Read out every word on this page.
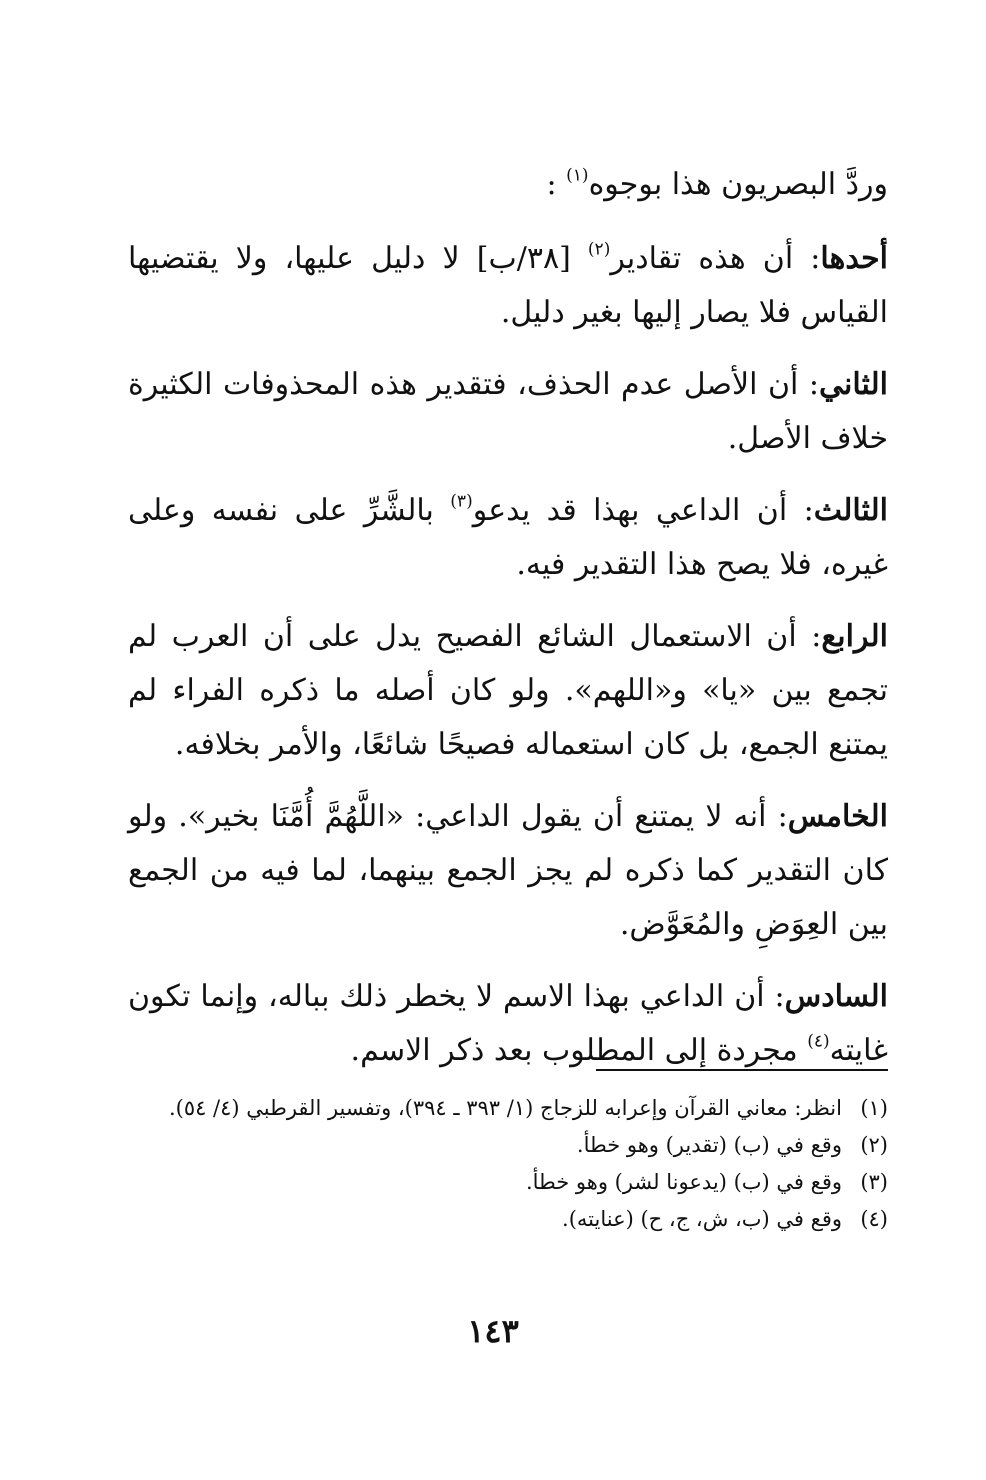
وردَّ البصريون هذا بوجوه$^{(١)}$ :

أحدها: أن هذه تقادير$^{(٢)}$ [٣٨/ب] لا دليل عليها، ولا يقتضيها القياس فلا يصار إليها بغير دليل.

الثاني: أن الأصل عدم الحذف، فتقدير هذه المحذوفات الكثيرة خلاف الأصل.

الثالث: أن الداعي بهذا قد يدعو$^{(٣)}$ بالشَّرِّ على نفسه وعلى غيره، فلا يصح هذا التقدير فيه.

الرابع: أن الاستعمال الشائع الفصيح يدل على أن العرب لم تجمع بين «يا» و«اللهم». ولو كان أصله ما ذكره الفراء لم يمتنع الجمع، بل كان استعماله فصيحًا شائعًا، والأمر بخلافه.

الخامس: أنه لا يمتنع أن يقول الداعي: «اللَّهُمَّ أُمَّنَا بخير». ولو كان التقدير كما ذكره لم يجز الجمع بينهما، لما فيه من الجمع بين العِوَضِ والمُعَوَّض.

السادس: أن الداعي بهذا الاسم لا يخطر ذلك بباله، وإنما تكون غايته$^{(٤)}$ مجردة إلى المطلوب بعد ذكر الاسم.

(١)
انظر: معاني القرآن وإعرابه للزجاج (١/ ٣٩٣ ـ ٣٩٤)، وتفسير القرطبي (٤/ ٥٤).
(٢)
وقع في (ب) (تقدير) وهو خطأ.
(٣)
وقع في (ب) (يدعونا لشر) وهو خطأ.
(٤)
وقع في (ب، ش، ج، ح) (عنايته).
١٤٣
